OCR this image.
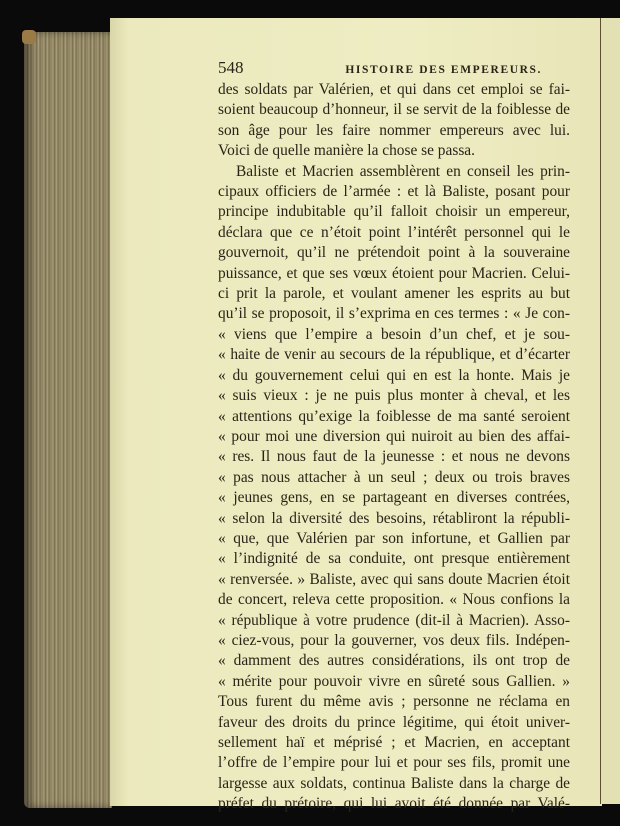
548	HISTOIRE DES EMPEREURS.
des soldats par Valérien, et qui dans cet emploi se fai-
soient beaucoup d’honneur, il se servit de la foiblesse de
son âge pour les faire nommer empereurs avec lui.
Voici de quelle manière la chose se passa.
Baliste et Macrien assemblèrent en conseil les prin-
cipaux officiers de l’armée : et là Baliste, posant pour
principe indubitable qu’il falloit choisir un empereur,
déclara que ce n’étoit point l’intérêt personnel qui le
gouvernoit, qu’il ne prétendoit point à la souveraine
puissance, et que ses vœux étoient pour Macrien. Celui-
ci prit la parole, et voulant amener les esprits au but
qu’il se proposoit, il s’exprima en ces termes : « Je con-
« viens que l’empire a besoin d’un chef, et je sou-
« haite de venir au secours de la république, et d’écarter
« du gouvernement celui qui en est la honte. Mais je
« suis vieux : je ne puis plus monter à cheval, et les
« attentions qu’exige la foiblesse de ma santé seroient
« pour moi une diversion qui nuiroit au bien des affai-
« res. Il nous faut de la jeunesse : et nous ne devons
« pas nous attacher à un seul ; deux ou trois braves
« jeunes gens, en se partageant en diverses contrées,
« selon la diversité des besoins, rétabliront la républi-
« que, que Valérien par son infortune, et Gallien par
« l’indignité de sa conduite, ont presque entièrement
« renversée. » Baliste, avec qui sans doute Macrien étoit
de concert, releva cette proposition. « Nous confions la
« république à votre prudence (dit-il à Macrien). Asso-
« ciez-vous, pour la gouverner, vos deux fils. Indépen-
« damment des autres considérations, ils ont trop de
« mérite pour pouvoir vivre en sûreté sous Gallien. »
Tous furent du même avis ; personne ne réclama en
faveur des droits du prince légitime, qui étoit univer-
sellement haï et méprisé ; et Macrien, en acceptant
l’offre de l’empire pour lui et pour ses fils, promit une
largesse aux soldats, continua Baliste dans la charge de
préfet du prétoire, qui lui avoit été donnée par Valé-
